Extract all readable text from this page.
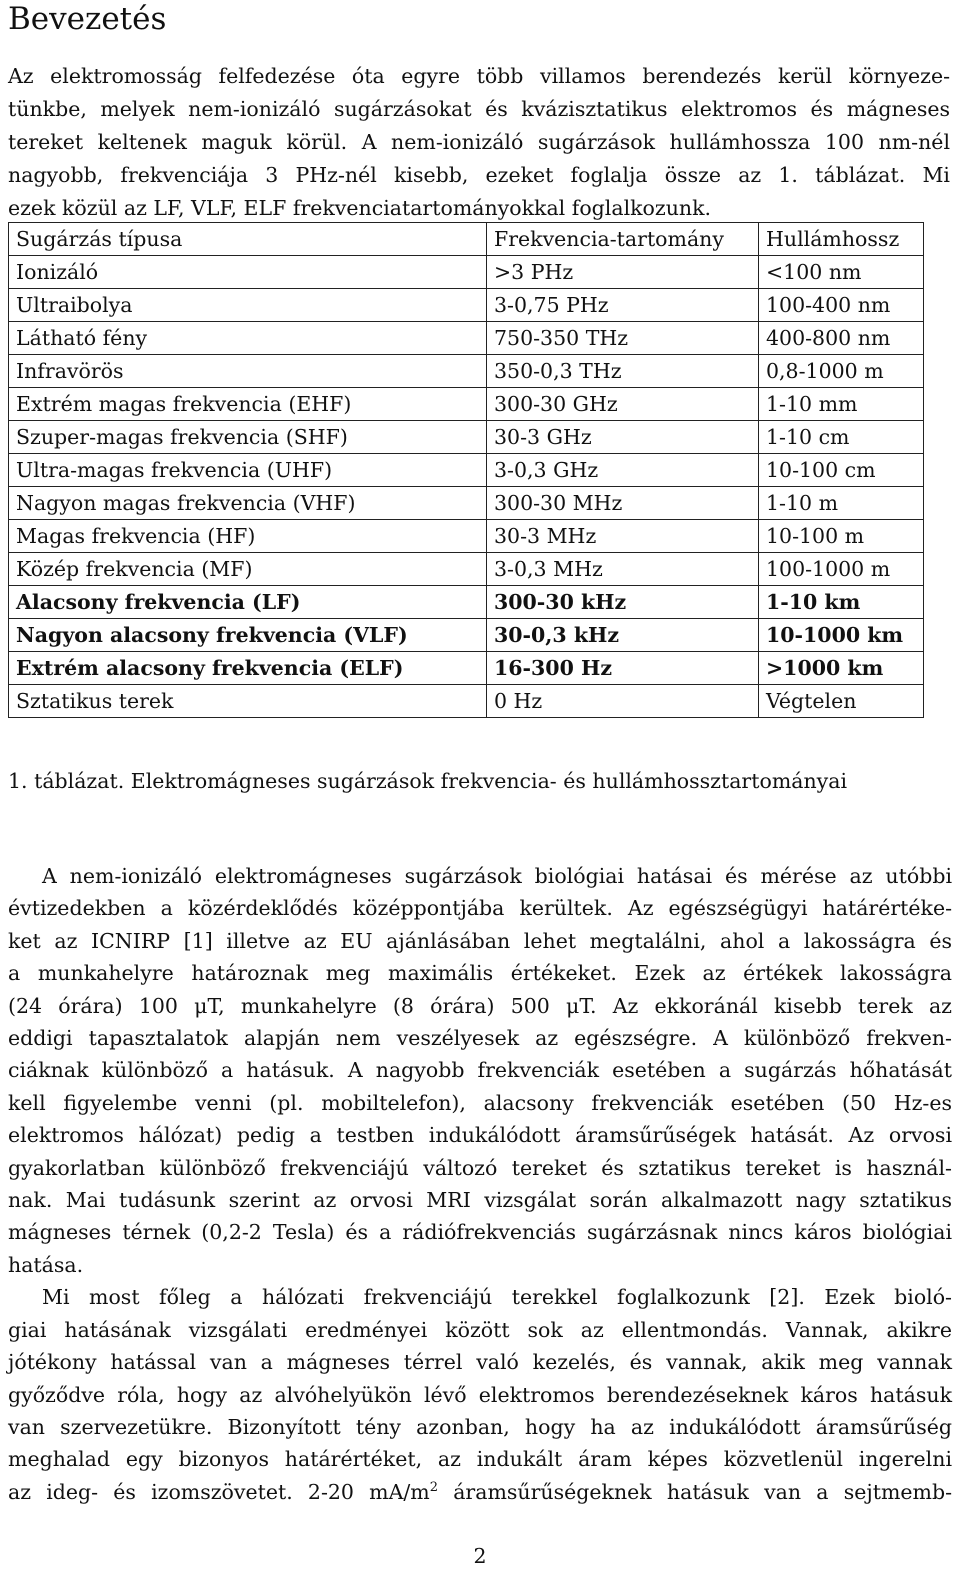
Bevezetés
Az elektromosság felfedezése óta egyre több villamos berendezés kerül környeze-
tünkbe, melyek nem-ionizáló sugárzásokat és kvázisztatikus elektromos és mágneses
tereket keltenek maguk körül. A nem-ionizáló sugárzások hullámhossza 100 nm-nél
nagyobb, frekvenciája 3 PHz-nél kisebb, ezeket foglalja össze az 1. táblázat. Mi
ezek közül az LF, VLF, ELF frekvenciatartományokkal foglalkozunk.
Sugárzás típusa	Frekvencia-tartomány	Hullámhossz
Ionizáló	>3 PHz	<100 nm
Ultraibolya	3-0,75 PHz	100-400 nm
Látható fény	750-350 THz	400-800 nm
Infravörös	350-0,3 THz	0,8-1000 m
Extrém magas frekvencia (EHF)	300-30 GHz	1-10 mm
Szuper-magas frekvencia (SHF)	30-3 GHz	1-10 cm
Ultra-magas frekvencia (UHF)	3-0,3 GHz	10-100 cm
Nagyon magas frekvencia (VHF)	300-30 MHz	1-10 m
Magas frekvencia (HF)	30-3 MHz	10-100 m
Közép frekvencia (MF)	3-0,3 MHz	100-1000 m
Alacsony frekvencia (LF)	300-30 kHz	1-10 km
Nagyon alacsony frekvencia (VLF)	30-0,3 kHz	10-1000 km
Extrém alacsony frekvencia (ELF)	16-300 Hz	>1000 km
Sztatikus terek	0 Hz	Végtelen
1. táblázat. Elektromágneses sugárzások frekvencia- és hullámhossztartományai
A nem-ionizáló elektromágneses sugárzások biológiai hatásai és mérése az utóbbi
évtizedekben a közérdeklődés középpontjába kerültek. Az egészségügyi határértéke-
ket az ICNIRP [1] illetve az EU ajánlásában lehet megtalálni, ahol a lakosságra és
a munkahelyre határoznak meg maximális értékeket. Ezek az értékek lakosságra
(24 órára) 100 μT, munkahelyre (8 órára) 500 μT. Az ekkoránál kisebb terek az
eddigi tapasztalatok alapján nem veszélyesek az egészségre. A különböző frekven-
ciáknak különböző a hatásuk. A nagyobb frekvenciák esetében a sugárzás hőhatását
kell figyelembe venni (pl. mobiltelefon), alacsony frekvenciák esetében (50 Hz-es
elektromos hálózat) pedig a testben indukálódott áramsűrűségek hatását. Az orvosi
gyakorlatban különböző frekvenciájú változó tereket és sztatikus tereket is használ-
nak. Mai tudásunk szerint az orvosi MRI vizsgálat során alkalmazott nagy sztatikus
mágneses térnek (0,2-2 Tesla) és a rádiófrekvenciás sugárzásnak nincs káros biológiai
hatása.
Mi most főleg a hálózati frekvenciájú terekkel foglalkozunk [2]. Ezek bioló-
giai hatásának vizsgálati eredményei között sok az ellentmondás. Vannak, akikre
jótékony hatással van a mágneses térrel való kezelés, és vannak, akik meg vannak
győződve róla, hogy az alvóhelyükön lévő elektromos berendezéseknek káros hatásuk
van szervezetükre. Bizonyított tény azonban, hogy ha az indukálódott áramsűrűség
meghalad egy bizonyos határértéket, az indukált áram képes közvetlenül ingerelni
az ideg- és izomszövetet. 2-20 $mA/m^2$ áramsűrűségeknek hatásuk van a sejtmemb-
2
